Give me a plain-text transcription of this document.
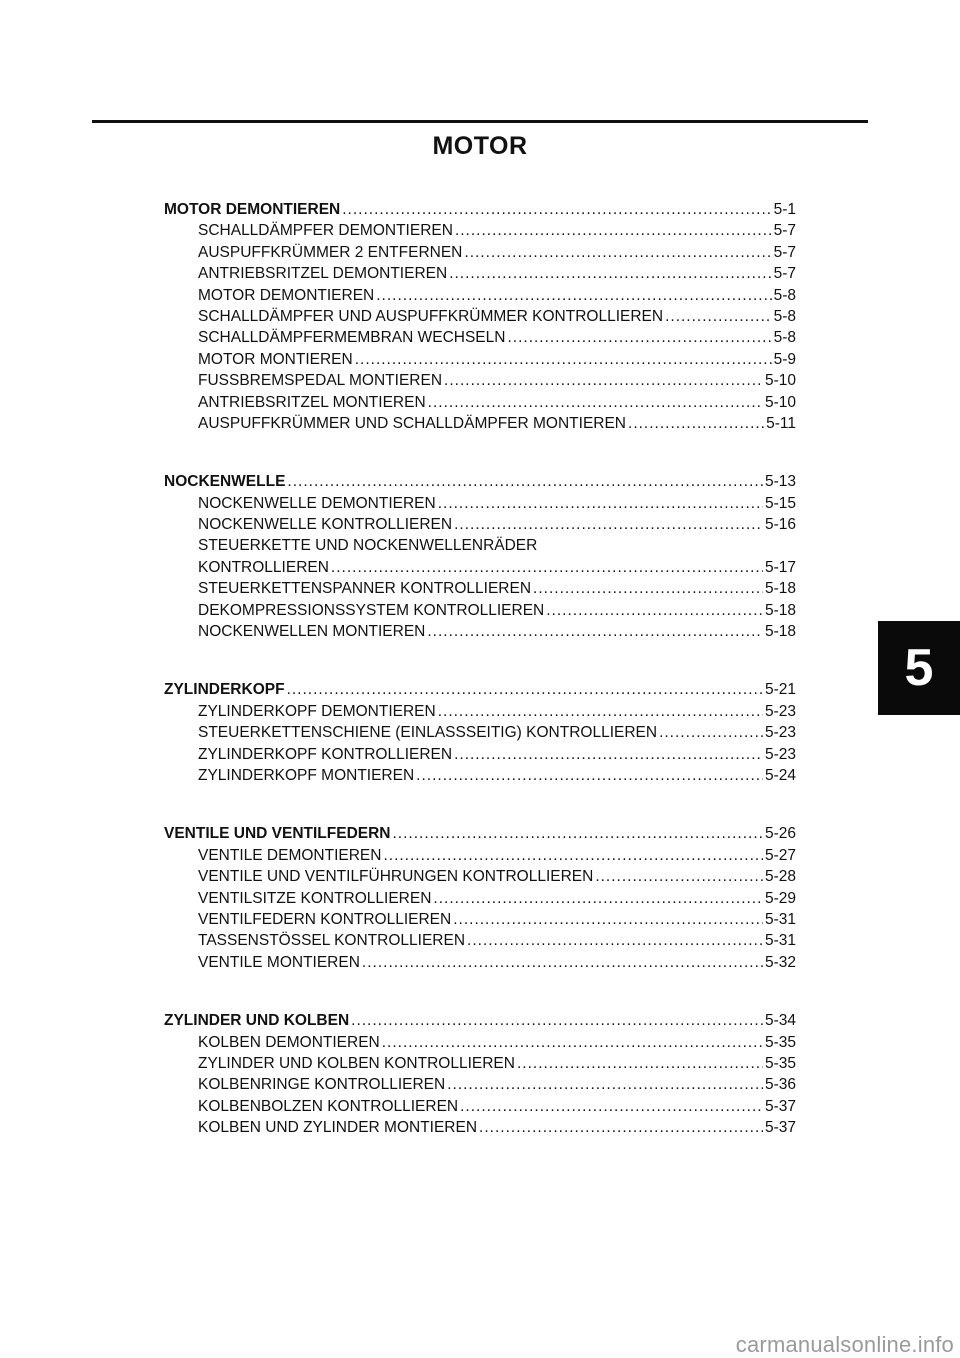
MOTOR
MOTOR DEMONTIEREN .....	5-1
SCHALLDÄMPFER DEMONTIEREN .....	5-7
AUSPUFFKRÜMMER 2 ENTFERNEN .....	5-7
ANTRIEBSRITZEL DEMONTIEREN .....	5-7
MOTOR DEMONTIEREN .....	5-8
SCHALLDÄMPFER UND AUSPUFFKRÜMMER KONTROLLIEREN .....	5-8
SCHALLDÄMPFERMEMBRAN WECHSELN .....	5-8
MOTOR MONTIEREN .....	5-9
FUSSBREMSPEDAL MONTIEREN .....	5-10
ANTRIEBSRITZEL MONTIEREN .....	5-10
AUSPUFFKRÜMMER UND SCHALLDÄMPFER MONTIEREN .....	5-11
NOCKENWELLE .....	5-13
NOCKENWELLE DEMONTIEREN .....	5-15
NOCKENWELLE KONTROLLIEREN .....	5-16
STEUERKETTE UND NOCKENWELLENRÄDER
KONTROLLIEREN .....	5-17
STEUERKETTENSPANNER KONTROLLIEREN .....	5-18
DEKOMPRESSIONSSYSTEM KONTROLLIEREN .....	5-18
NOCKENWELLEN MONTIEREN .....	5-18
ZYLINDERKOPF .....	5-21
ZYLINDERKOPF DEMONTIEREN .....	5-23
STEUERKETTENSCHIENE (EINLASSSEITIG) KONTROLLIEREN .....	5-23
ZYLINDERKOPF KONTROLLIEREN .....	5-23
ZYLINDERKOPF MONTIEREN .....	5-24
VENTILE UND VENTILFEDERN .....	5-26
VENTILE DEMONTIEREN .....	5-27
VENTILE UND VENTILFÜHRUNGEN KONTROLLIEREN .....	5-28
VENTILSITZE KONTROLLIEREN .....	5-29
VENTILFEDERN KONTROLLIEREN .....	5-31
TASSENSTÖSSEL KONTROLLIEREN .....	5-31
VENTILE MONTIEREN .....	5-32
ZYLINDER UND KOLBEN .....	5-34
KOLBEN DEMONTIEREN .....	5-35
ZYLINDER UND KOLBEN KONTROLLIEREN .....	5-35
KOLBENRINGE KONTROLLIEREN .....	5-36
KOLBENBOLZEN KONTROLLIEREN .....	5-37
KOLBEN UND ZYLINDER MONTIEREN .....	5-37
5
carmanualsonline.info
